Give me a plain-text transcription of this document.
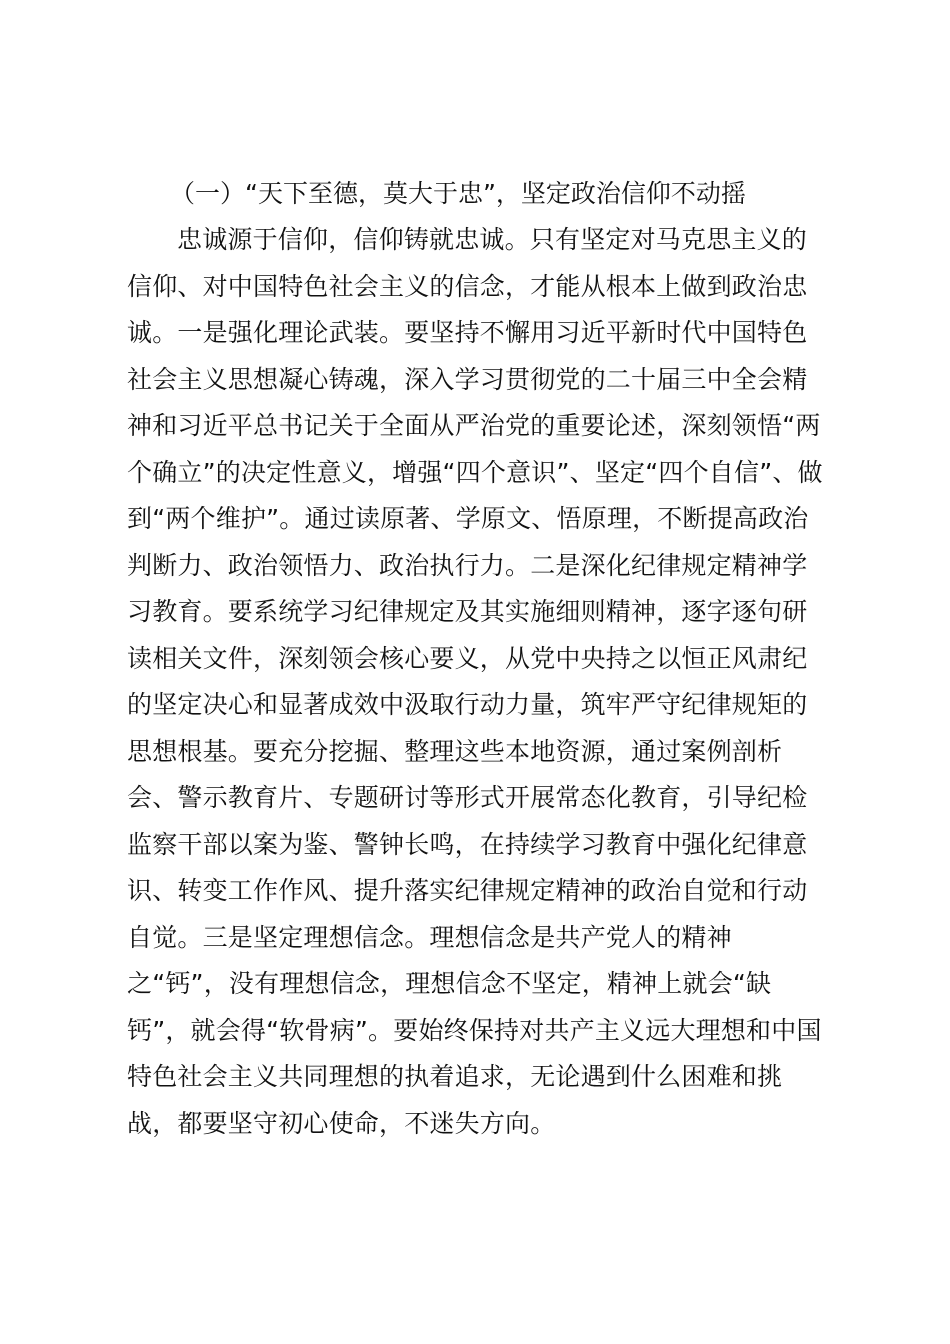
（一）“天下至德，莫大于忠”，坚定政治信仰不动摇
忠诚源于信仰，信仰铸就忠诚。只有坚定对马克思主义的
信仰、对中国特色社会主义的信念，才能从根本上做到政治忠
诚。一是强化理论武装。要坚持不懈用习近平新时代中国特色
社会主义思想凝心铸魂，深入学习贯彻党的二十届三中全会精
神和习近平总书记关于全面从严治党的重要论述，深刻领悟“两
个确立”的决定性意义，增强“四个意识”、坚定“四个自信”、做
到“两个维护”。通过读原著、学原文、悟原理，不断提高政治
判断力、政治领悟力、政治执行力。二是深化纪律规定精神学
习教育。要系统学习纪律规定及其实施细则精神，逐字逐句研
读相关文件，深刻领会核心要义，从党中央持之以恒正风肃纪
的坚定决心和显著成效中汲取行动力量，筑牢严守纪律规矩的
思想根基。要充分挖掘、整理这些本地资源，通过案例剖析
会、警示教育片、专题研讨等形式开展常态化教育，引导纪检
监察干部以案为鉴、警钟长鸣，在持续学习教育中强化纪律意
识、转变工作作风、提升落实纪律规定精神的政治自觉和行动
自觉。三是坚定理想信念。理想信念是共产党人的精神
之“钙”，没有理想信念，理想信念不坚定，精神上就会“缺
钙”，就会得“软骨病”。要始终保持对共产主义远大理想和中国
特色社会主义共同理想的执着追求，无论遇到什么困难和挑
战，都要坚守初心使命，不迷失方向。
